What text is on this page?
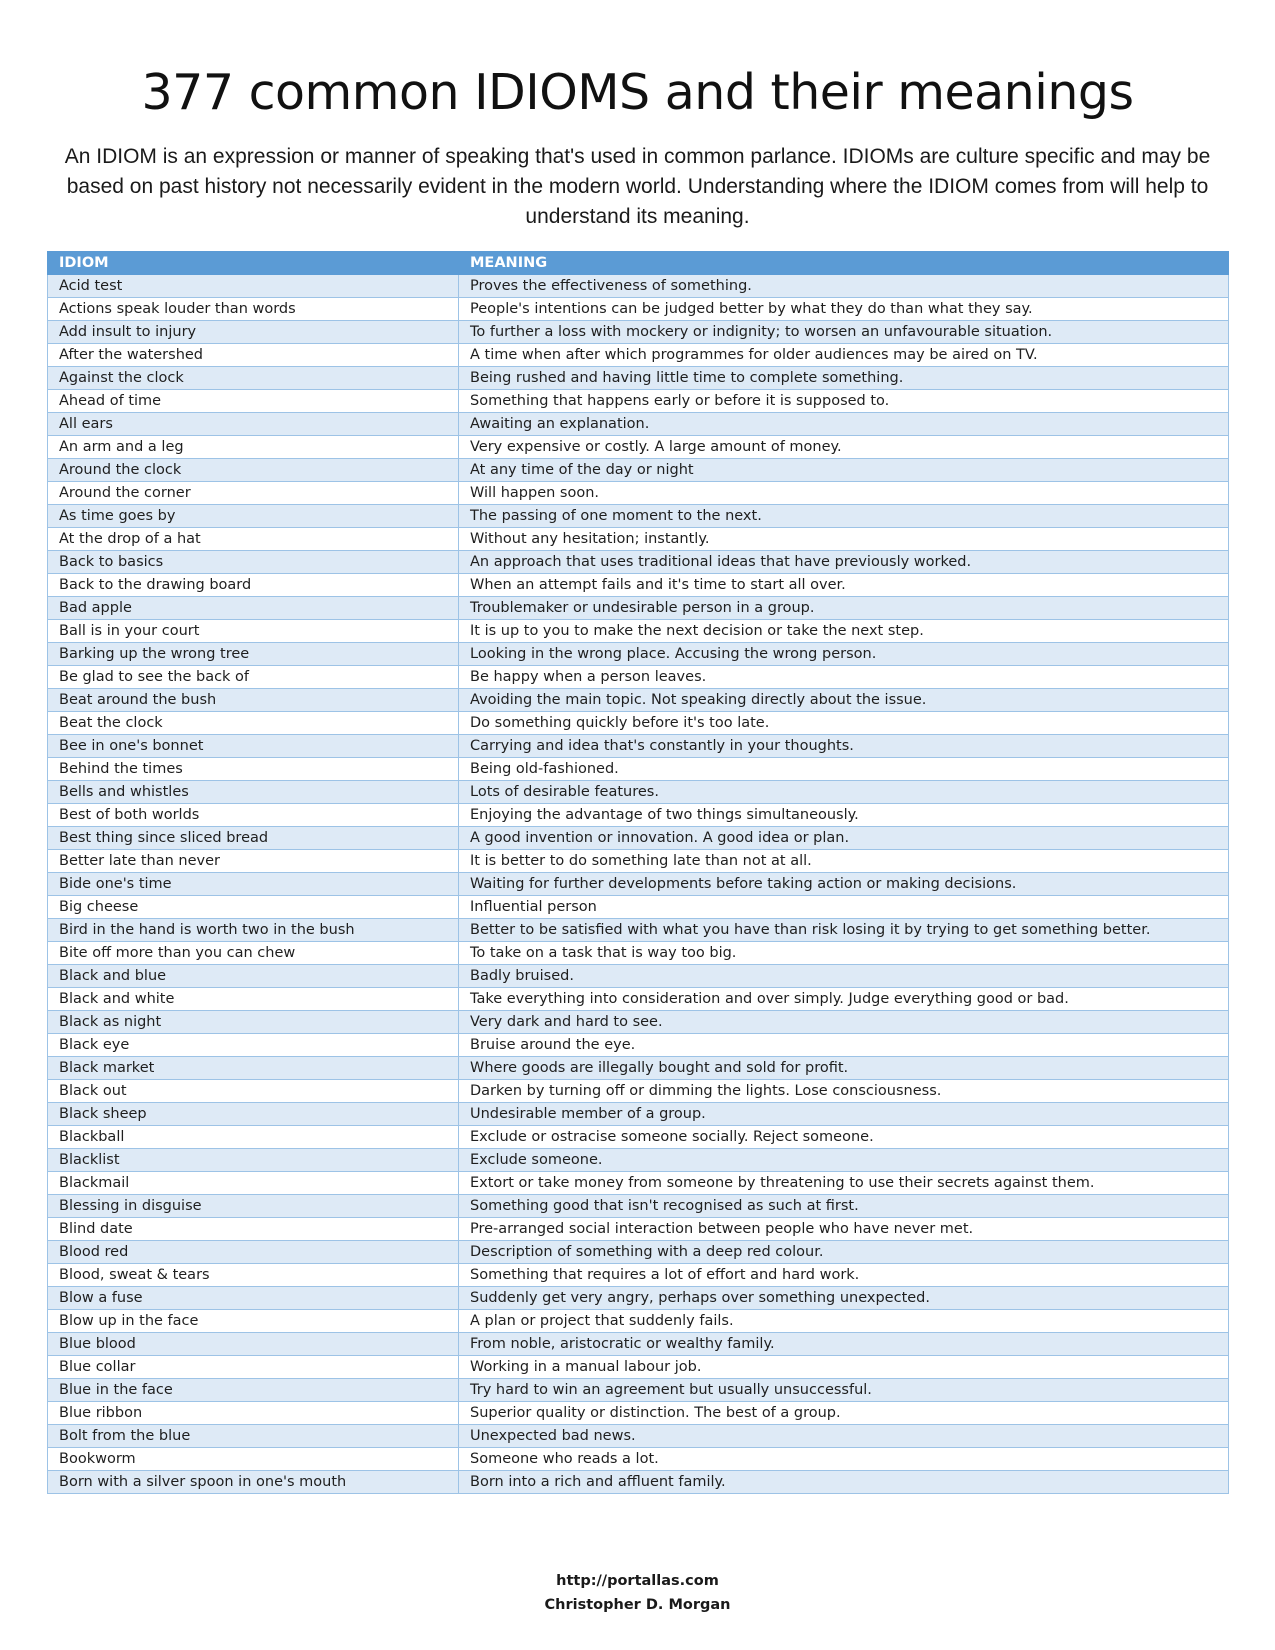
377 common IDIOMS and their meanings

An IDIOM is an expression or manner of speaking that's used in common parlance. IDIOMs are culture specific and may be based on past history not necessarily evident in the modern world. Understanding where the IDIOM comes from will help to understand its meaning.

IDIOM	MEANING
Acid test	Proves the effectiveness of something.
Actions speak louder than words	People's intentions can be judged better by what they do than what they say.
Add insult to injury	To further a loss with mockery or indignity; to worsen an unfavourable situation.
After the watershed	A time when after which programmes for older audiences may be aired on TV.
Against the clock	Being rushed and having little time to complete something.
Ahead of time	Something that happens early or before it is supposed to.
All ears	Awaiting an explanation.
An arm and a leg	Very expensive or costly. A large amount of money.
Around the clock	At any time of the day or night
Around the corner	Will happen soon.
As time goes by	The passing of one moment to the next.
At the drop of a hat	Without any hesitation; instantly.
Back to basics	An approach that uses traditional ideas that have previously worked.
Back to the drawing board	When an attempt fails and it's time to start all over.
Bad apple	Troublemaker or undesirable person in a group.
Ball is in your court	It is up to you to make the next decision or take the next step.
Barking up the wrong tree	Looking in the wrong place. Accusing the wrong person.
Be glad to see the back of	Be happy when a person leaves.
Beat around the bush	Avoiding the main topic. Not speaking directly about the issue.
Beat the clock	Do something quickly before it's too late.
Bee in one's bonnet	Carrying and idea that's constantly in your thoughts.
Behind the times	Being old-fashioned.
Bells and whistles	Lots of desirable features.
Best of both worlds	Enjoying the advantage of two things simultaneously.
Best thing since sliced bread	A good invention or innovation. A good idea or plan.
Better late than never	It is better to do something late than not at all.
Bide one's time	Waiting for further developments before taking action or making decisions.
Big cheese	Influential person
Bird in the hand is worth two in the bush	Better to be satisfied with what you have than risk losing it by trying to get something better.
Bite off more than you can chew	To take on a task that is way too big.
Black and blue	Badly bruised.
Black and white	Take everything into consideration and over simply. Judge everything good or bad.
Black as night	Very dark and hard to see.
Black eye	Bruise around the eye.
Black market	Where goods are illegally bought and sold for profit.
Black out	Darken by turning off or dimming the lights. Lose consciousness.
Black sheep	Undesirable member of a group.
Blackball	Exclude or ostracise someone socially. Reject someone.
Blacklist	Exclude someone.
Blackmail	Extort or take money from someone by threatening to use their secrets against them.
Blessing in disguise	Something good that isn't recognised as such at first.
Blind date	Pre-arranged social interaction between people who have never met.
Blood red	Description of something with a deep red colour.
Blood, sweat & tears	Something that requires a lot of effort and hard work.
Blow a fuse	Suddenly get very angry, perhaps over something unexpected.
Blow up in the face	A plan or project that suddenly fails.
Blue blood	From noble, aristocratic or wealthy family.
Blue collar	Working in a manual labour job.
Blue in the face	Try hard to win an agreement but usually unsuccessful.
Blue ribbon	Superior quality or distinction. The best of a group.
Bolt from the blue	Unexpected bad news.
Bookworm	Someone who reads a lot.
Born with a silver spoon in one's mouth	Born into a rich and affluent family.
http://portallas.com
Christopher D. Morgan
